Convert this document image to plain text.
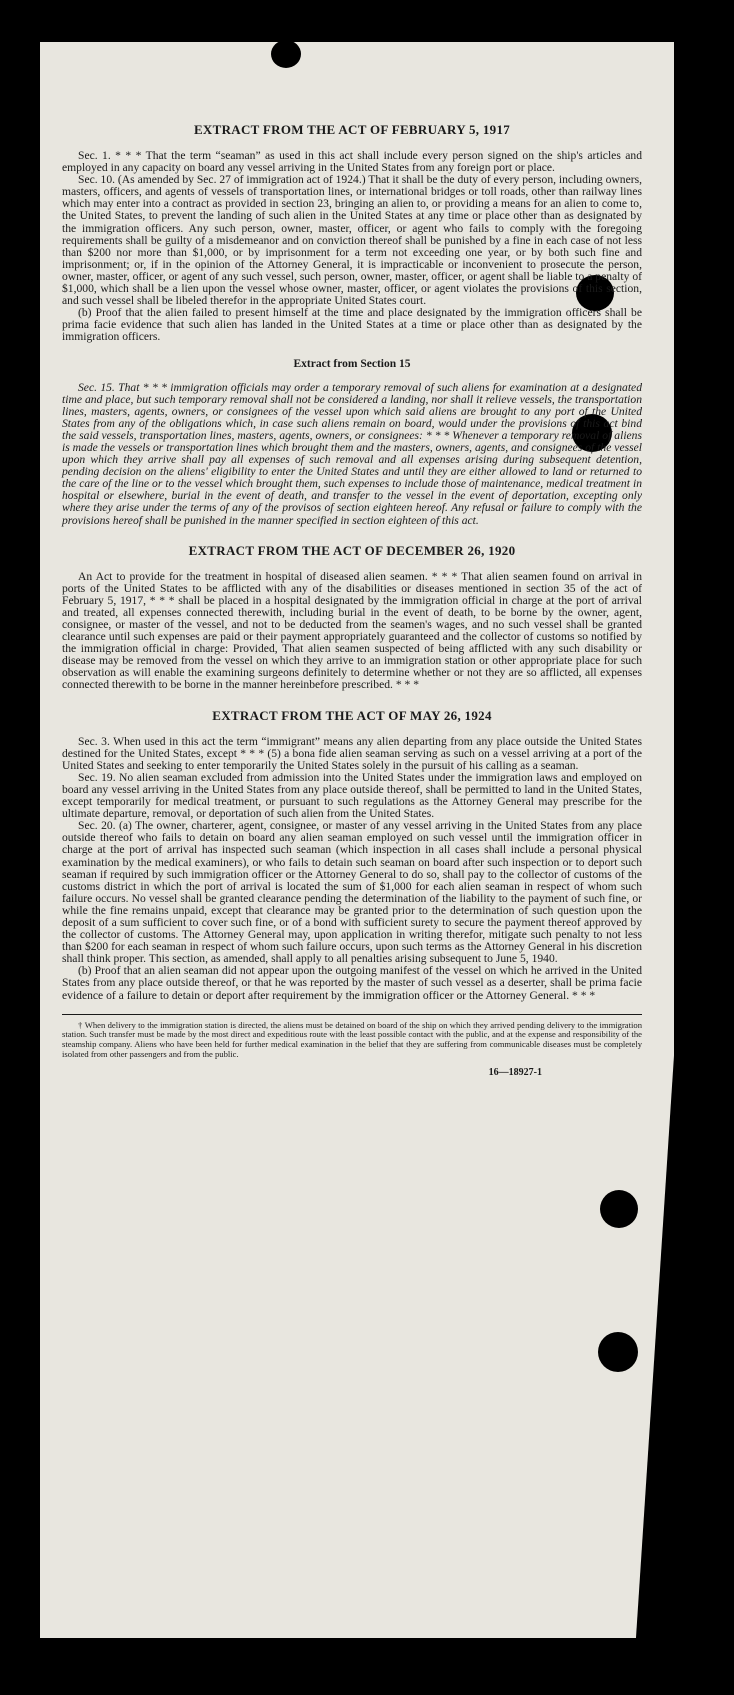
EXTRACT FROM THE ACT OF FEBRUARY 5, 1917

Sec. 1. * * * That the term “seaman” as used in this act shall include every person signed on the ship's articles and employed in any capacity on board any vessel arriving in the United States from any foreign port or place.

Sec. 10. (As amended by Sec. 27 of immigration act of 1924.) That it shall be the duty of every person, including owners, masters, officers, and agents of vessels of transportation lines, or international bridges or toll roads, other than railway lines which may enter into a contract as provided in section 23, bringing an alien to, or providing a means for an alien to come to, the United States, to prevent the landing of such alien in the United States at any time or place other than as designated by the immigration officers. Any such person, owner, master, officer, or agent who fails to comply with the foregoing requirements shall be guilty of a misdemeanor and on conviction thereof shall be punished by a fine in each case of not less than $200 nor more than $1,000, or by imprisonment for a term not exceeding one year, or by both such fine and imprisonment; or, if in the opinion of the Attorney General, it is impracticable or inconvenient to prosecute the person, owner, master, officer, or agent of any such vessel, such person, owner, master, officer, or agent shall be liable to a penalty of $1,000, which shall be a lien upon the vessel whose owner, master, officer, or agent violates the provisions of this section, and such vessel shall be libeled therefor in the appropriate United States court.

(b) Proof that the alien failed to present himself at the time and place designated by the immigration officers shall be prima facie evidence that such alien has landed in the United States at a time or place other than as designated by the immigration officers.

Extract from Section 15

Sec. 15. That * * * immigration officials may order a temporary removal of such aliens for examination at a designated time and place, but such temporary removal shall not be considered a landing, nor shall it relieve vessels, the transportation lines, masters, agents, owners, or consignees of the vessel upon which said aliens are brought to any port of the United States from any of the obligations which, in case such aliens remain on board, would under the provisions of this act bind the said vessels, transportation lines, masters, agents, owners, or consignees: * * * Whenever a temporary removal of aliens is made the vessels or transportation lines which brought them and the masters, owners, agents, and consignees of the vessel upon which they arrive shall pay all expenses of such removal and all expenses arising during subsequent detention, pending decision on the aliens' eligibility to enter the United States and until they are either allowed to land or returned to the care of the line or to the vessel which brought them, such expenses to include those of maintenance, medical treatment in hospital or elsewhere, burial in the event of death, and transfer to the vessel in the event of deportation, excepting only where they arise under the terms of any of the provisos of section eighteen hereof. Any refusal or failure to comply with the provisions hereof shall be punished in the manner specified in section eighteen of this act.

EXTRACT FROM THE ACT OF DECEMBER 26, 1920

An Act to provide for the treatment in hospital of diseased alien seamen. * * * That alien seamen found on arrival in ports of the United States to be afflicted with any of the disabilities or diseases mentioned in section 35 of the act of February 5, 1917, * * * shall be placed in a hospital designated by the immigration official in charge at the port of arrival and treated, all expenses connected therewith, including burial in the event of death, to be borne by the owner, agent, consignee, or master of the vessel, and not to be deducted from the seamen's wages, and no such vessel shall be granted clearance until such expenses are paid or their payment appropriately guaranteed and the collector of customs so notified by the immigration official in charge: Provided, That alien seamen suspected of being afflicted with any such disability or disease may be removed from the vessel on which they arrive to an immigration station or other appropriate place for such observation as will enable the examining surgeons definitely to determine whether or not they are so afflicted, all expenses connected therewith to be borne in the manner hereinbefore prescribed. * * *

EXTRACT FROM THE ACT OF MAY 26, 1924

Sec. 3. When used in this act the term “immigrant” means any alien departing from any place outside the United States destined for the United States, except * * * (5) a bona fide alien seaman serving as such on a vessel arriving at a port of the United States and seeking to enter temporarily the United States solely in the pursuit of his calling as a seaman.

Sec. 19. No alien seaman excluded from admission into the United States under the immigration laws and employed on board any vessel arriving in the United States from any place outside thereof, shall be permitted to land in the United States, except temporarily for medical treatment, or pursuant to such regulations as the Attorney General may prescribe for the ultimate departure, removal, or deportation of such alien from the United States.

Sec. 20. (a) The owner, charterer, agent, consignee, or master of any vessel arriving in the United States from any place outside thereof who fails to detain on board any alien seaman employed on such vessel until the immigration officer in charge at the port of arrival has inspected such seaman (which inspection in all cases shall include a personal physical examination by the medical examiners), or who fails to detain such seaman on board after such inspection or to deport such seaman if required by such immigration officer or the Attorney General to do so, shall pay to the collector of customs of the customs district in which the port of arrival is located the sum of $1,000 for each alien seaman in respect of whom such failure occurs. No vessel shall be granted clearance pending the determination of the liability to the payment of such fine, or while the fine remains unpaid, except that clearance may be granted prior to the determination of such question upon the deposit of a sum sufficient to cover such fine, or of a bond with sufficient surety to secure the payment thereof approved by the collector of customs. The Attorney General may, upon application in writing therefor, mitigate such penalty to not less than $200 for each seaman in respect of whom such failure occurs, upon such terms as the Attorney General in his discretion shall think proper. This section, as amended, shall apply to all penalties arising subsequent to June 5, 1940.

(b) Proof that an alien seaman did not appear upon the outgoing manifest of the vessel on which he arrived in the United States from any place outside thereof, or that he was reported by the master of such vessel as a deserter, shall be prima facie evidence of a failure to detain or deport after requirement by the immigration officer or the Attorney General. * * *

† When delivery to the immigration station is directed, the aliens must be detained on board of the ship on which they arrived pending delivery to the immigration station. Such transfer must be made by the most direct and expeditious route with the least possible contact with the public, and at the expense and responsibility of the steamship company. Aliens who have been held for further medical examination in the belief that they are suffering from communicable diseases must be completely isolated from other passengers and from the public.

16—18927-1
